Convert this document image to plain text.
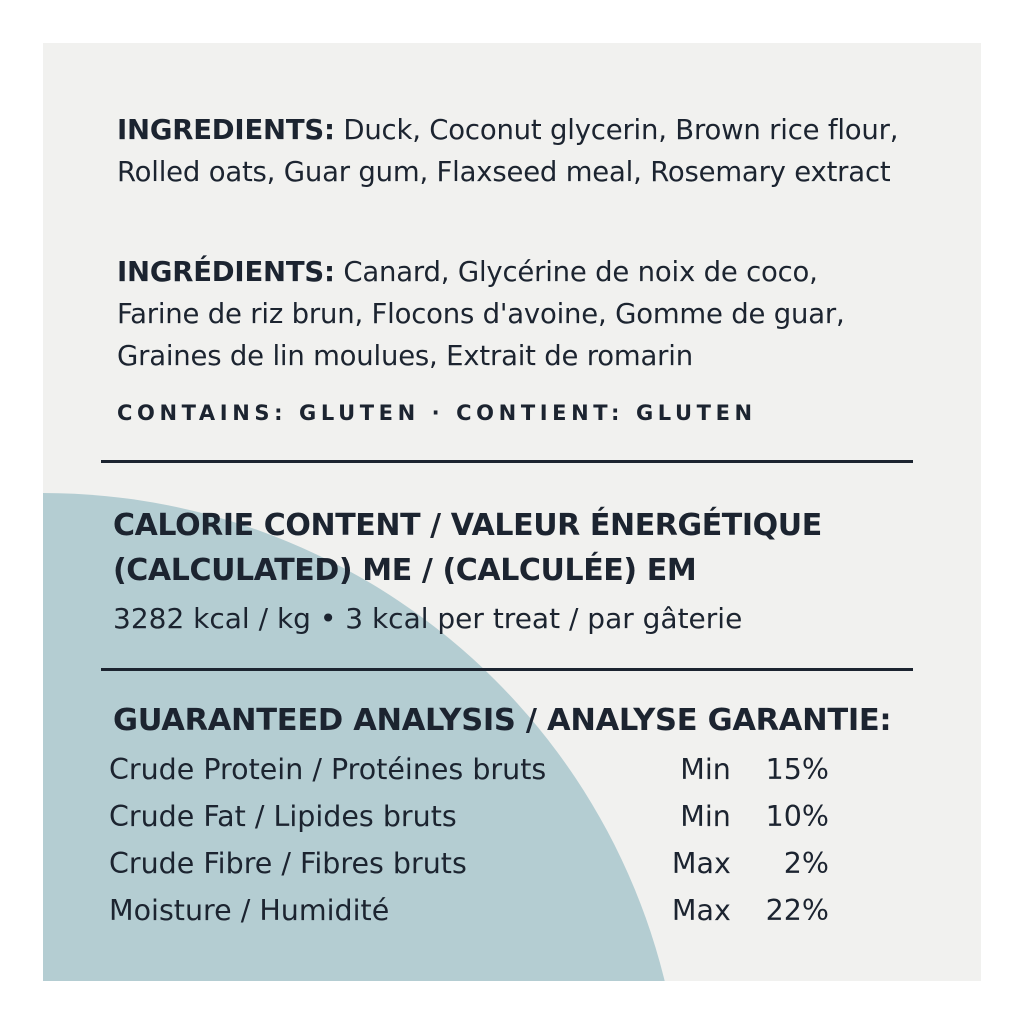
INGREDIENTS: Duck, Coconut glycerin, Brown rice flour, Rolled oats, Guar gum, Flaxseed meal, Rosemary extract

INGRÉDIENTS: Canard, Glycérine de noix de coco, Farine de riz brun, Flocons d'avoine, Gomme de guar, Graines de lin moulues, Extrait de romarin

CONTAINS: GLUTEN · CONTIENT: GLUTEN
CALORIE CONTENT / VALEUR ÉNERGÉTIQUE
(CALCULATED) ME / (CALCULÉE) EM
3282 kcal / kg • 3 kcal per treat / par gâterie
GUARANTEED ANALYSIS / ANALYSE GARANTIE:
Crude Protein / Protéines bruts	Min	15%
Crude Fat / Lipides bruts	Min	10%
Crude Fibre / Fibres bruts	Max	2%
Moisture / Humidité	Max	22%
